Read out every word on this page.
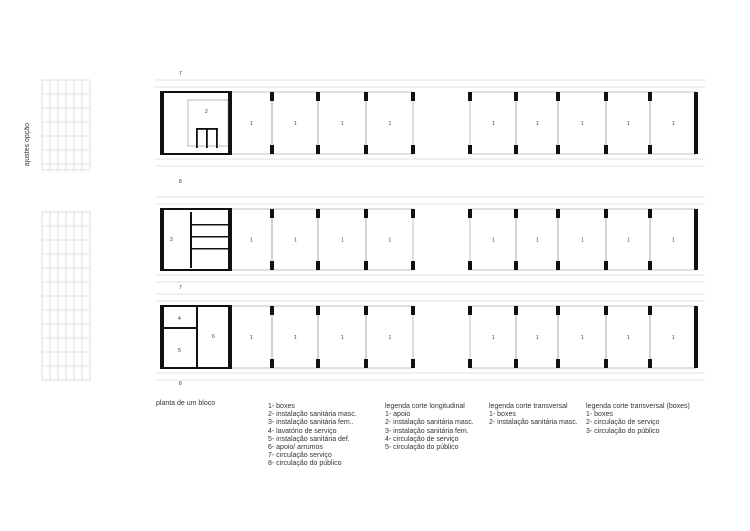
ajustes opção	1	1	1	1	1	1	1	1	1
1	1	1	1	1	1	1	1	1
1	1	1	1	1	1	1	1	1
2
3
4
5
6
7
8
7
8
planta de um bloco	1- boxes
2- instalação sanitária masc.
3- instalação sanitária fem..
4- lavatório de serviço
5- instalação sanitária def.
6- apoio/ arrumos
7- circulação serviço
8- circulação do público
legenda corte longitudinal
1- apoio
2- instalação sanitária masc.
3- instalação sanitária fem.
4- circulação de serviço
5- circulação do público
legenda corte transversal
1- boxes
2- instalação sanitária masc.
legenda corte transversal (boxes)
1- boxes
2- circulação de serviço
3- circulação do público
